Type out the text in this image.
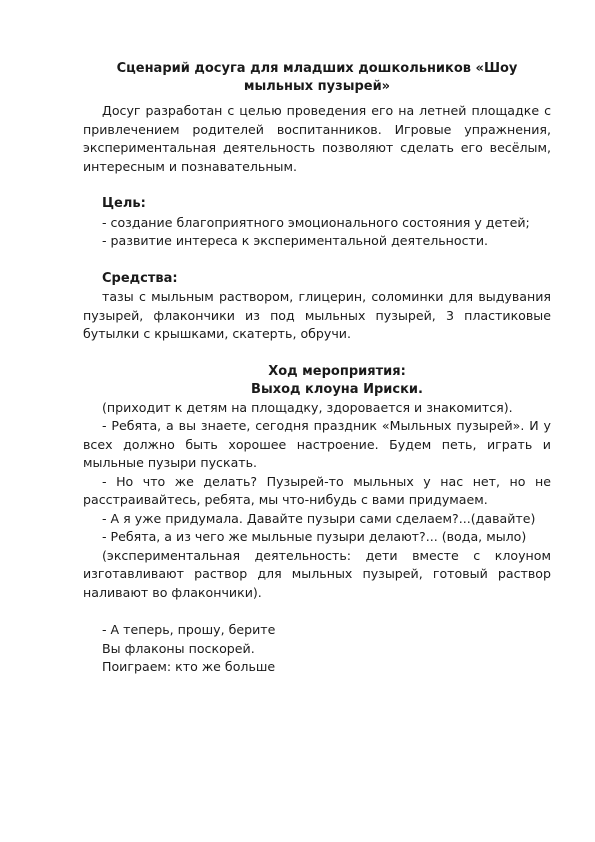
Сценарий досуга для младших дошкольников «Шоу мыльных пузырей»

Досуг разработан с целью проведения его на летней площадке с привлечением родителей воспитанников. Игровые упражнения, экспериментальная деятельность позволяют сделать его весёлым, интересным и познавательным.

Цель:

- создание благоприятного эмоционального состояния у детей;

- развитие интереса к экспериментальной деятельности.

Средства:

тазы с мыльным раствором, глицерин, соломинки для выдувания пузырей, флакончики из под мыльных пузырей, 3 пластиковые бутылки с крышками, скатерть, обручи.

Ход мероприятия:
Выход клоуна Ириски.

(приходит к детям на площадку, здоровается и знакомится).

- Ребята, а вы знаете, сегодня праздник «Мыльных пузырей». И у всех должно быть хорошее настроение. Будем петь, играть и мыльные пузыри пускать.

- Но что же делать? Пузырей-то мыльных у нас нет, но не расстраивайтесь, ребята, мы что-нибудь с вами придумаем.

- А я уже придумала. Давайте пузыри сами сделаем?...(давайте)

- Ребята, а из чего же мыльные пузыри делают?... (вода, мыло)

(экспериментальная деятельность: дети вместе с клоуном изготавливают раствор для мыльных пузырей, готовый раствор наливают во флакончики).

- А теперь, прошу, берите

Вы флаконы поскорей.

Поиграем: кто же больше
